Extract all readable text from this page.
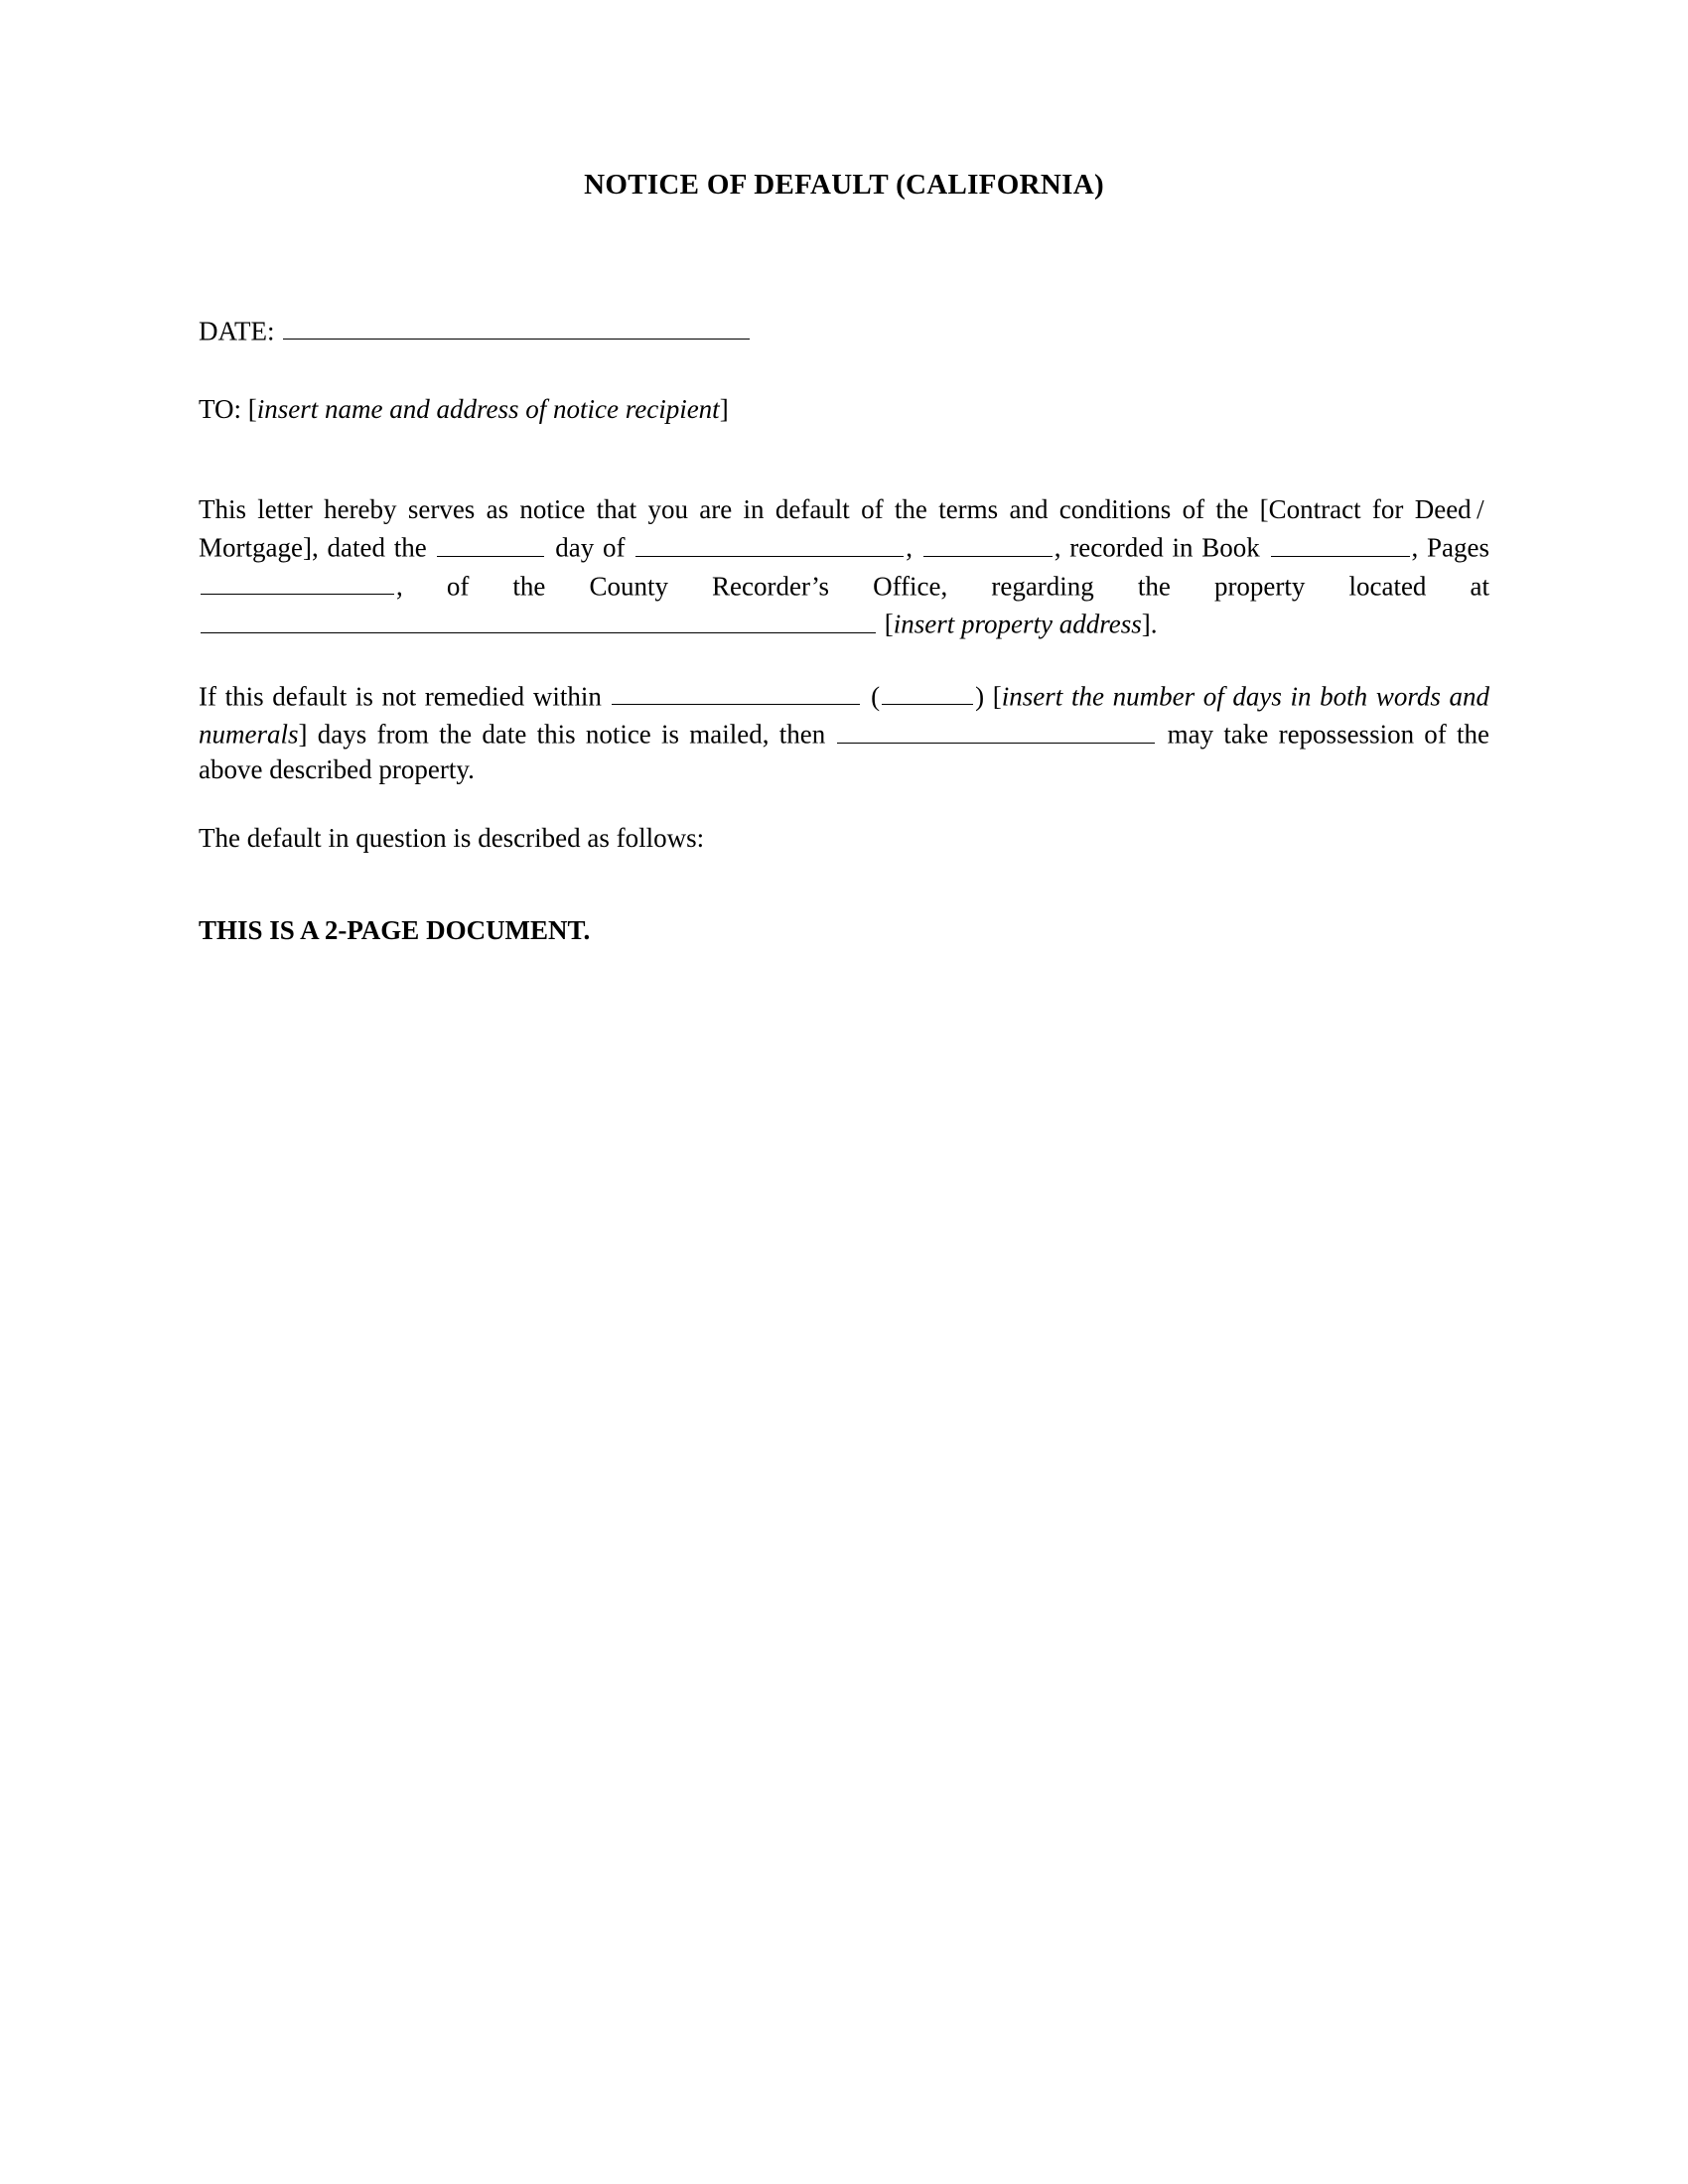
NOTICE OF DEFAULT (CALIFORNIA)
DATE:
TO: [insert name and address of notice recipient]
This letter hereby serves as notice that you are in default of the terms and conditions of the [Contract for Deed / Mortgage], dated the	day of	,	, recorded in Book	, Pages , of the County Recorder’s Office, regarding the property located at  [insert property address].
If this default is not remedied within	(	) [insert the number of days in both words and numerals] days from the date this notice is mailed, then	may take repossession of the above described property.
The default in question is described as follows:
THIS IS A 2-PAGE DOCUMENT.
